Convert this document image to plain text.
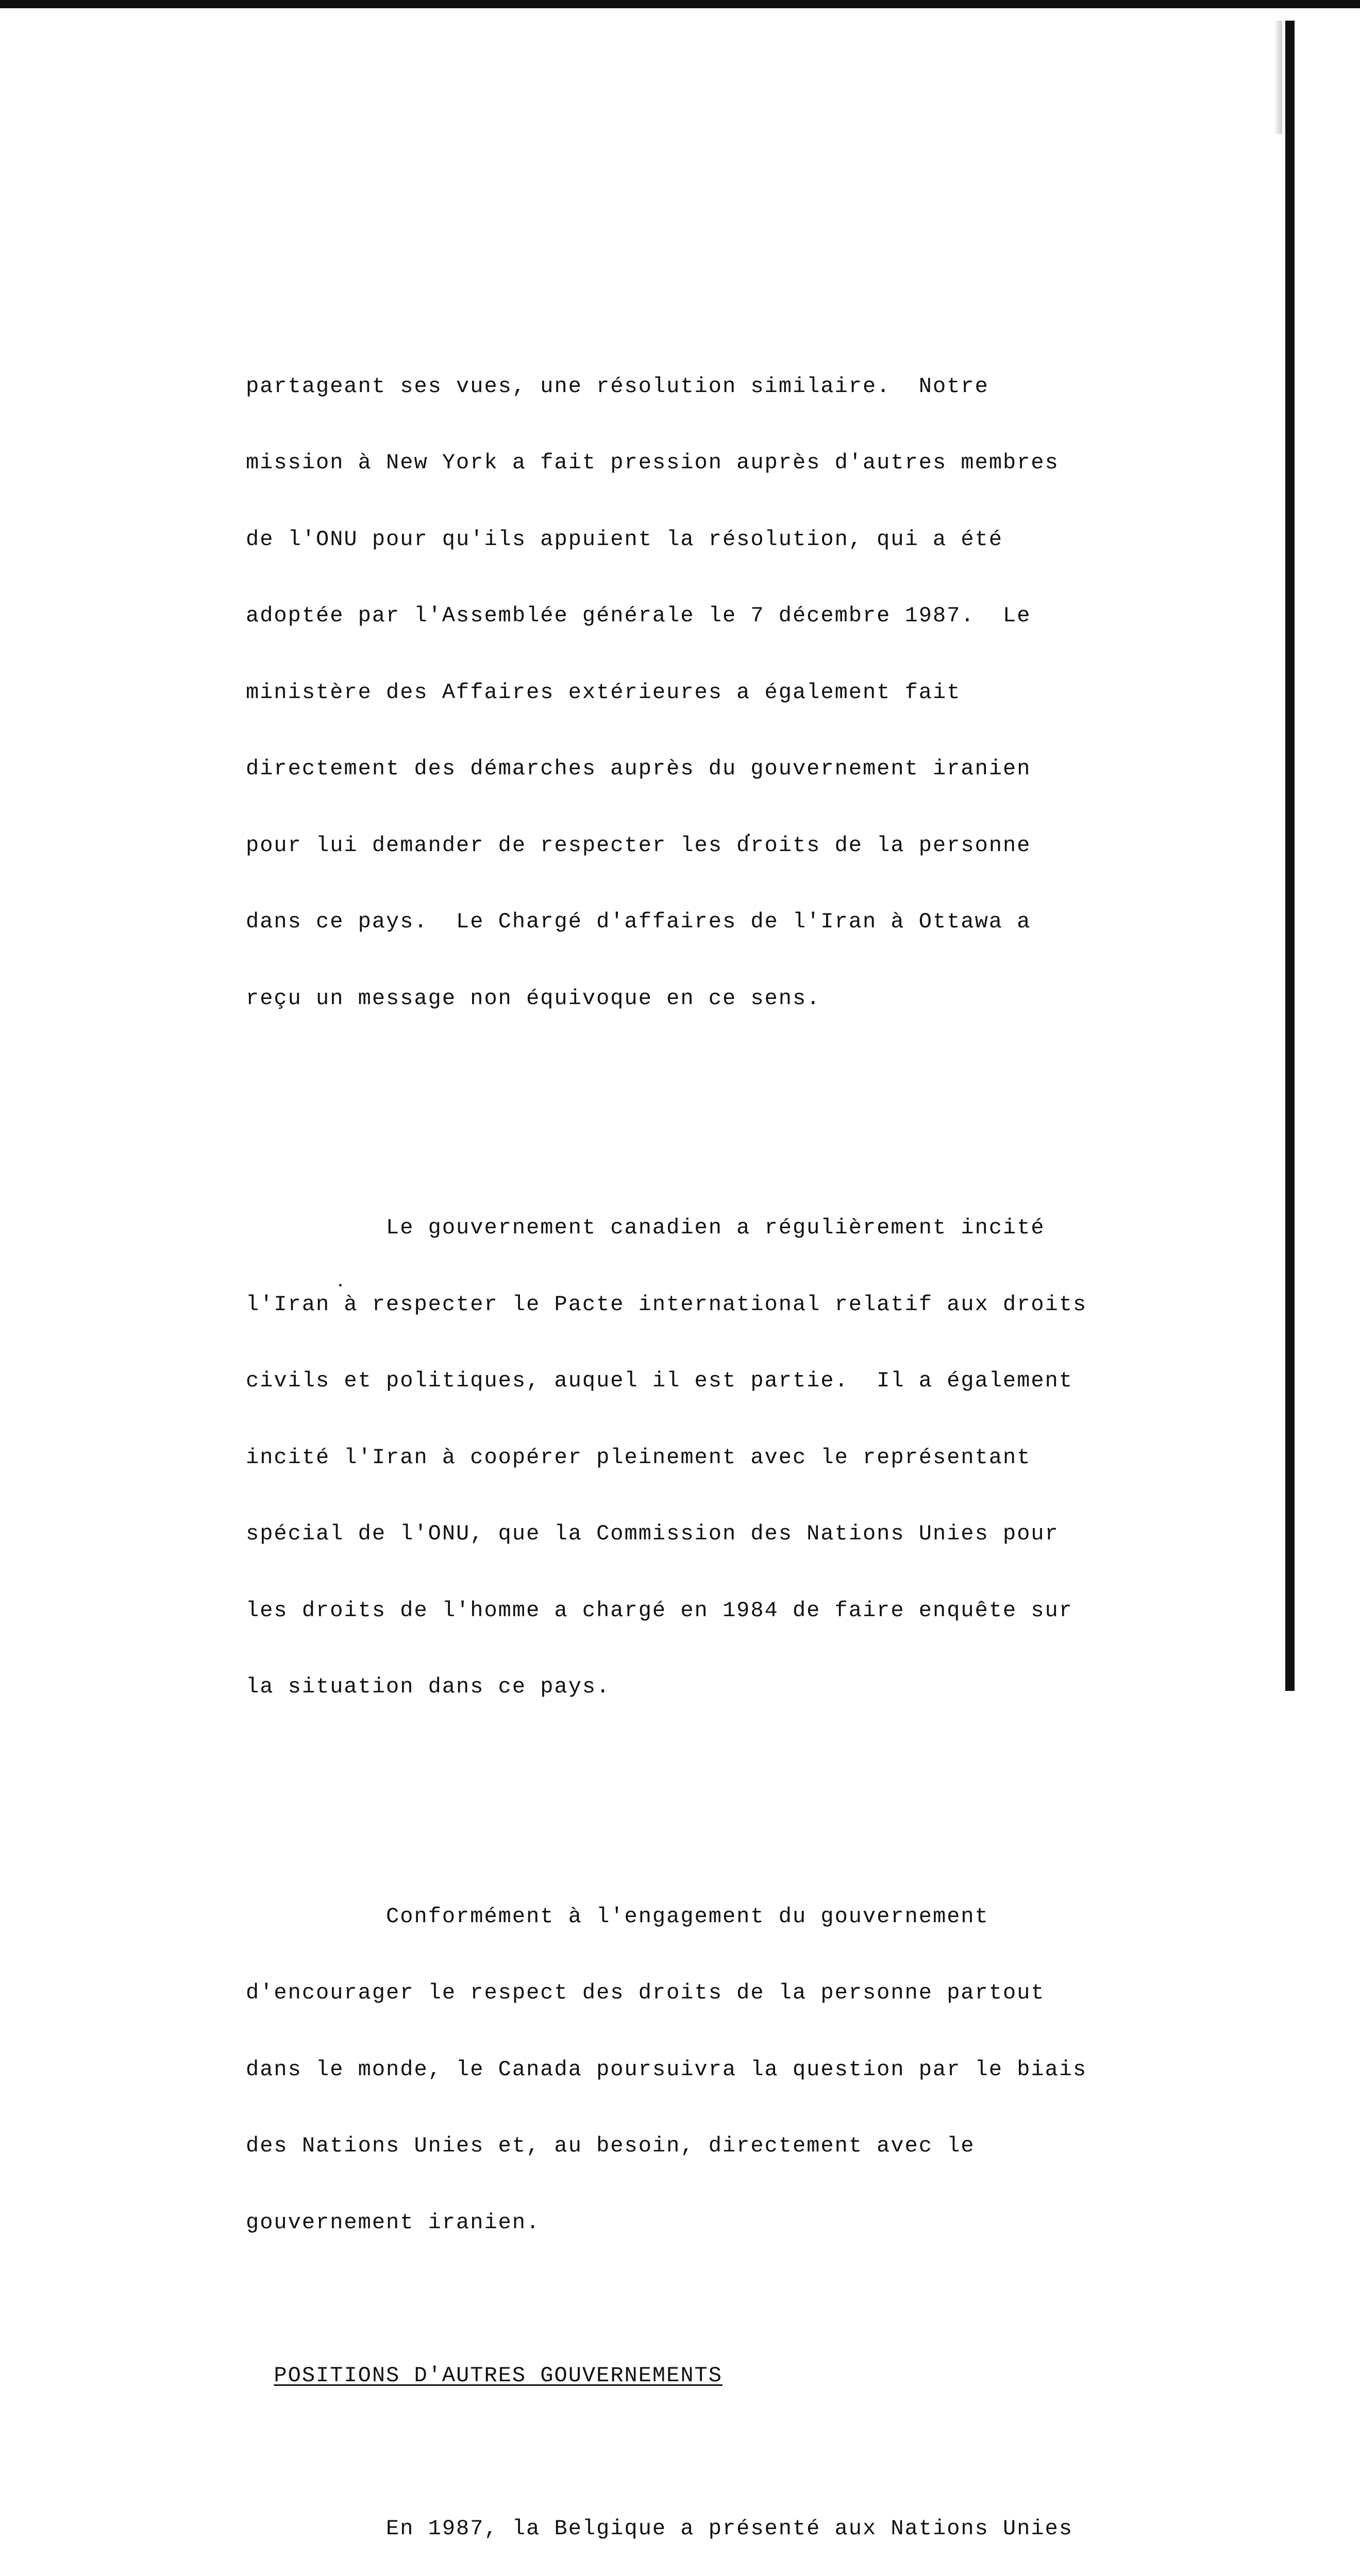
partageant ses vues, une résolution similaire.  Notre

mission à New York a fait pression auprès d'autres membres

de l'ONU pour qu'ils appuient la résolution, qui a été

adoptée par l'Assemblée générale le 7 décembre 1987.  Le

ministère des Affaires extérieures a également fait

directement des démarches auprès du gouvernement iranien

pour lui demander de respecter les droits de la personne

dans ce pays.  Le Chargé d'affaires de l'Iran à Ottawa a

reçu un message non équivoque en ce sens.

Le gouvernement canadien a régulièrement incité

l'Iran à respecter le Pacte international relatif aux droits

civils et politiques, auquel il est partie.  Il a également

incité l'Iran à coopérer pleinement avec le représentant

spécial de l'ONU, que la Commission des Nations Unies pour

les droits de l'homme a chargé en 1984 de faire enquête sur

la situation dans ce pays.

Conformément à l'engagement du gouvernement

d'encourager le respect des droits de la personne partout

dans le monde, le Canada poursuivra la question par le biais

des Nations Unies et, au besoin, directement avec le

gouvernement iranien.

POSITIONS D'AUTRES GOUVERNEMENTS

En 1987, la Belgique a présenté aux Nations Unies
